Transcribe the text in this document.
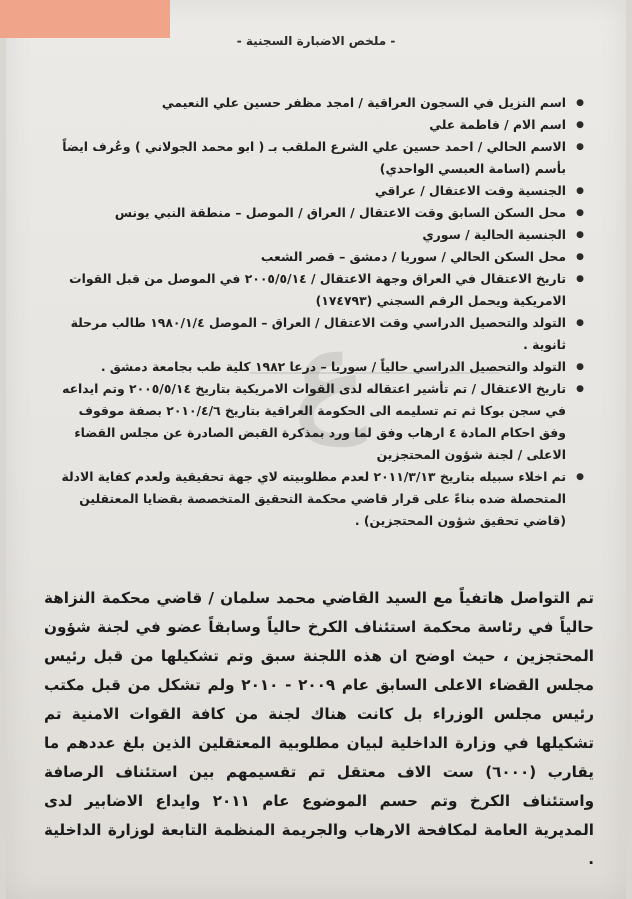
ع
- ملخص الاضبارة السجنية -
● اسم النزيل في السجون العراقية / امجد مظفر حسين علي النعيمي
● اسم الام / فاطمة علي
● الاسم الحالي / احمد حسين علي الشرع الملقب بـ ( ابو محمد الجولاني ) وعُرف ايضاً بأسم (اسامة العبسي الواحدي)
● الجنسية وقت الاعتقال / عراقي
● محل السكن السابق وقت الاعتقال / العراق / الموصل – منطقة النبي يونس
● الجنسية الحالية / سوري
● محل السكن الحالي / سوريا / دمشق – قصر الشعب
● تاريخ الاعتقال في العراق وجهة الاعتقال / ٢٠٠٥/٥/١٤ في الموصل من قبل القوات الامريكية ويحمل الرقم السجني (١٧٤٧٩٣)
● التولد والتحصيل الدراسي وقت الاعتقال / العراق – الموصل ١٩٨٠/١/٤ طالب مرحلة ثانوية .
● التولد والتحصيل الدراسي حالياً / سوريا – درعا ١٩٨٢ كلية طب بجامعة دمشق .
● تاريخ الاعتقال / تم تأشير اعتقاله لدى القوات الامريكية بتاريخ ٢٠٠٥/٥/١٤ وتم ايداعه في سجن بوكا ثم تم تسليمه الى الحكومة العراقية بتاريخ ٢٠١٠/٤/٦ بصفة موقوف وفق احكام المادة ٤ ارهاب وفق لما ورد بمذكرة القبض الصادرة عن مجلس القضاء الاعلى / لجنة شؤون المحتجزين
● تم اخلاء سبيله بتاريخ ٢٠١١/٣/١٣ لعدم مطلوبيته لاي جهة تحقيقية ولعدم كفاية الادلة المتحصلة ضده بناءً على قرار قاضي محكمة التحقيق المتخصصة بقضايا المعتقلين (قاضي تحقيق شؤون المحتجزين) .

تم التواصل هاتفياً مع السيد القاضي محمد سلمان / قاضي محكمة النزاهة حالياً في رئاسة محكمة استئناف الكرخ حالياً وسابقاً عضو في لجنة شؤون المحتجزين ، حيث اوضح ان هذه اللجنة سبق وتم تشكيلها من قبل رئيس مجلس القضاء الاعلى السابق عام ٢٠٠٩ - ٢٠١٠ ولم تشكل من قبل مكتب رئيس مجلس الوزراء بل كانت هناك لجنة من كافة القوات الامنية تم تشكيلها في وزارة الداخلية لبيان مطلوبية المعتقلين الذين بلغ عددهم ما يقارب (٦٠٠٠) ست الاف معتقل تم تقسيمهم بين استئناف الرصافة واستئناف الكرخ وتم حسم الموضوع عام ٢٠١١ وايداع الاضابير لدى المديرية العامة لمكافحة الارهاب والجريمة المنظمة التابعة لوزارة الداخلية .
